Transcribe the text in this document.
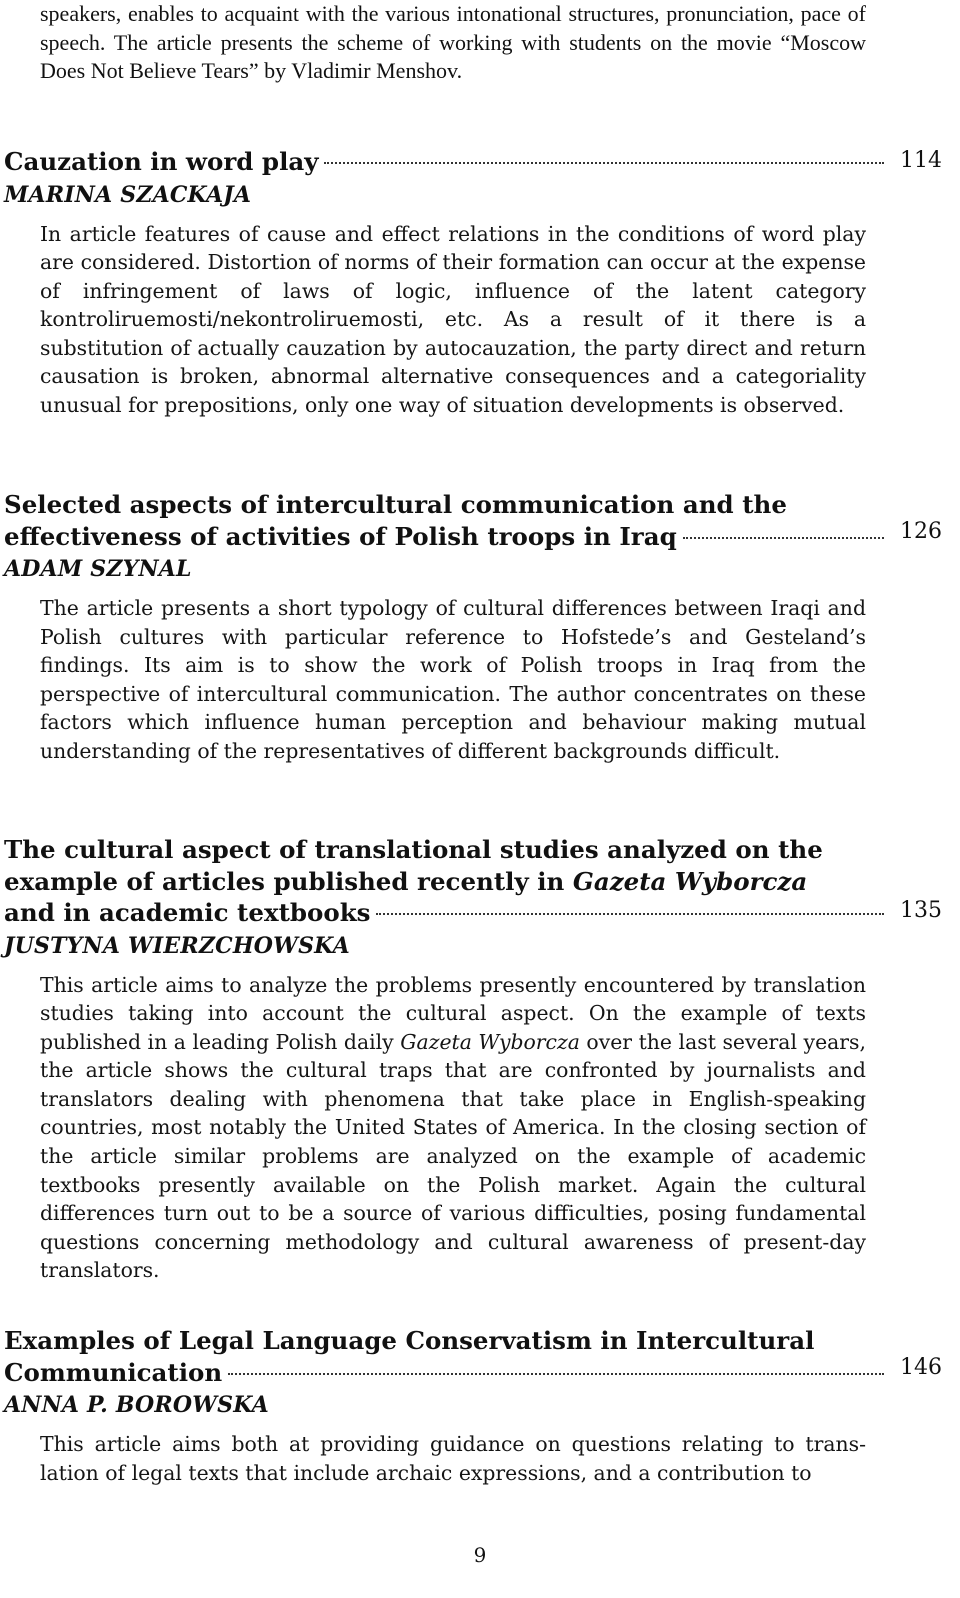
speakers, enables to acquaint with the various intonational structures, pronunciation, pace of speech. The article presents the scheme of working with students on the movie “Moscow Does Not Believe Tears” by Vladimir Menshov.
Cauzation in word play	114
MARINA SZACKAJA
In article features of cause and effect relations in the conditions of word play are considered. Distortion of norms of their formation can occur at the expense of infringement of laws of logic, influence of the latent category kontroliruemosti/nekontroliruemosti, etc. As a result of it there is a substitution of actually cauzation by autocauzation, the party direct and return causation is broken, abnormal alternative consequences and a categoriality unusual for prepositions, only one way of situation developments is observed.
Selected aspects of intercultural communication and the
effectiveness of activities of Polish troops in Iraq	126
ADAM SZYNAL
The article presents a short typology of cultural differences between Iraqi and Polish cultures with particular reference to Hofstede’s and Gesteland’s findings. Its aim is to show the work of Polish troops in Iraq from the perspective of intercultural communication. The author concentrates on these factors which influence human perception and behaviour making mutual understanding of the representatives of different backgrounds difficult.
The cultural aspect of translational studies analyzed on the
example of articles published recently in Gazeta Wyborcza
and in academic textbooks	135
JUSTYNA WIERZCHOWSKA
This article aims to analyze the problems presently encountered by translation studies taking into account the cultural aspect. On the example of texts published in a leading Polish daily Gazeta Wyborcza over the last several years, the article shows the cultural traps that are confronted by journalists and translators dealing with phenomena that take place in English-speaking countries, most notably the United States of America. In the closing section of the article similar problems are analyzed on the example of academic textbooks presently available on the Polish market. Again the cultural differences turn out to be a source of various difficulties, posing fundamental questions concerning methodology and cultural awareness of present-day translators.
Examples of Legal Language Conservatism in Intercultural
Communication	146
ANNA P. BOROWSKA
This article aims both at providing guidance on questions relating to trans-lation of legal texts that include archaic expressions, and a contribution to
9
